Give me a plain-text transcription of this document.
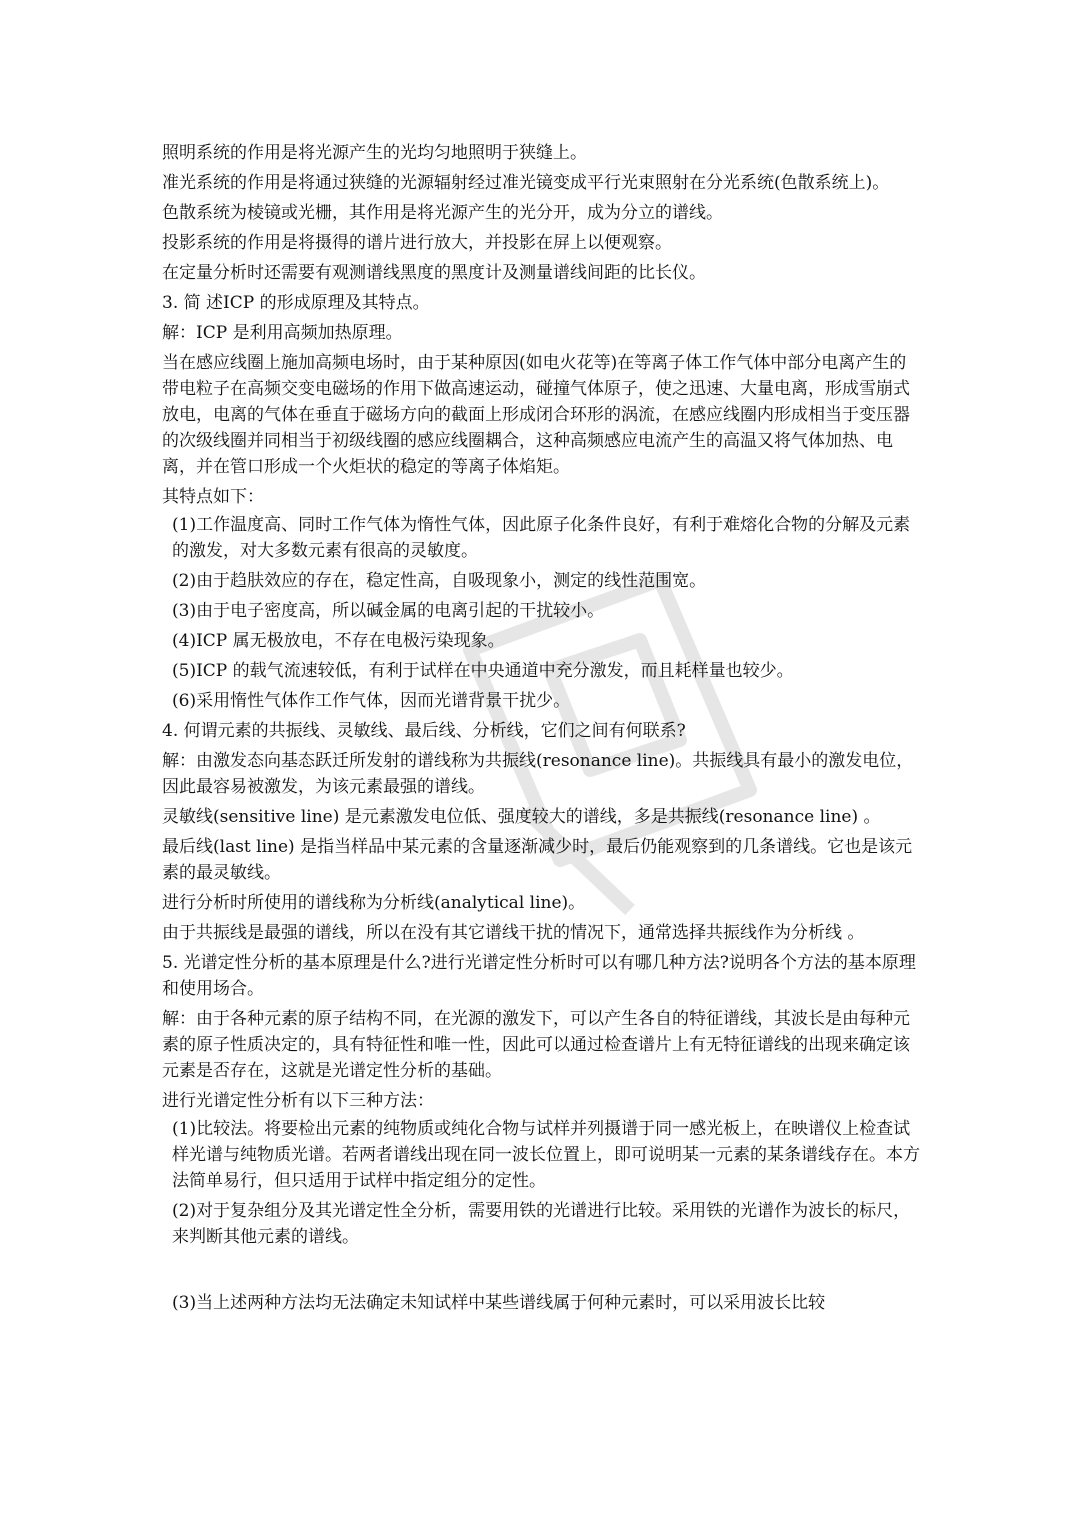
照明系统的作用是将光源产生的光均匀地照明于狭缝上。

准光系统的作用是将通过狭缝的光源辐射经过准光镜变成平行光束照射在分光系统(色散系统上)。

色散系统为棱镜或光栅，其作用是将光源产生的光分开，成为分立的谱线。

投影系统的作用是将摄得的谱片进行放大，并投影在屏上以便观察。

在定量分析时还需要有观测谱线黑度的黑度计及测量谱线间距的比长仪。

3. 简 述ICP 的形成原理及其特点。

解：ICP 是利用高频加热原理。

当在感应线圈上施加高频电场时，由于某种原因(如电火花等)在等离子体工作气体中部分电离产生的带电粒子在高频交变电磁场的作用下做高速运动，碰撞气体原子，使之迅速、大量电离，形成雪崩式放电，电离的气体在垂直于磁场方向的截面上形成闭合环形的涡流，在感应线圈内形成相当于变压器的次级线圈并同相当于初级线圈的感应线圈耦合，这种高频感应电流产生的高温又将气体加热、电离，并在管口形成一个火炬状的稳定的等离子体焰矩。

其特点如下：

(1)工作温度高、同时工作气体为惰性气体，因此原子化条件良好，有利于难熔化合物的分解及元素的激发，对大多数元素有很高的灵敏度。

(2)由于趋肤效应的存在，稳定性高，自吸现象小，测定的线性范围宽。

(3)由于电子密度高，所以碱金属的电离引起的干扰较小。

(4)ICP 属无极放电，不存在电极污染现象。

(5)ICP 的载气流速较低，有利于试样在中央通道中充分激发，而且耗样量也较少。

(6)采用惰性气体作工作气体，因而光谱背景干扰少。

4. 何谓元素的共振线、灵敏线、最后线、分析线，它们之间有何联系?

解：由激发态向基态跃迁所发射的谱线称为共振线(resonance line)。共振线具有最小的激发电位，因此最容易被激发，为该元素最强的谱线。

灵敏线(sensitive line) 是元素激发电位低、强度较大的谱线，多是共振线(resonance line) 。

最后线(last line) 是指当样品中某元素的含量逐渐减少时，最后仍能观察到的几条谱线。它也是该元素的最灵敏线。

进行分析时所使用的谱线称为分析线(analytical line)。

由于共振线是最强的谱线，所以在没有其它谱线干扰的情况下，通常选择共振线作为分析线 。

5. 光谱定性分析的基本原理是什么?进行光谱定性分析时可以有哪几种方法?说明各个方法的基本原理和使用场合。

解：由于各种元素的原子结构不同，在光源的激发下，可以产生各自的特征谱线，其波长是由每种元素的原子性质决定的，具有特征性和唯一性，因此可以通过检查谱片上有无特征谱线的出现来确定该元素是否存在，这就是光谱定性分析的基础。

进行光谱定性分析有以下三种方法：

(1)比较法。将要检出元素的纯物质或纯化合物与试样并列摄谱于同一感光板上，在映谱仪上检查试样光谱与纯物质光谱。若两者谱线出现在同一波长位置上，即可说明某一元素的某条谱线存在。本方法简单易行，但只适用于试样中指定组分的定性。

(2)对于复杂组分及其光谱定性全分析，需要用铁的光谱进行比较。采用铁的光谱作为波长的标尺，来判断其他元素的谱线。

(3)当上述两种方法均无法确定未知试样中某些谱线属于何种元素时，可以采用波长比较
